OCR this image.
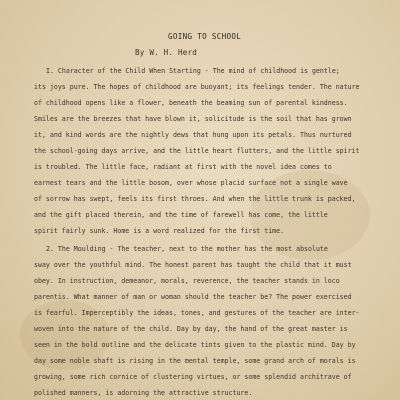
GOING TO SCHOOL
By W. H. Herd
I. Character of the Child When Starting - The mind of childhood is gentle;
its joys pure. The hopes of childhood are buoyant; its feelings tender. The nature
of childhood opens like a flower, beneath the beaming sun of parental kindness.
Smiles are the breezes that have blown it, solicitude is the soil that has grown
it, and kind words are the nightly dews that hung upon its petals. Thus nurtured
the school-going days arrive, and the little heart flutters, and the little spirit
is troubled. The little face, radiant at first with the novel idea comes to
earnest tears and the little bosom, over whose placid surface not a single wave
of sorrow has swept, feels its first throes. And when the little trunk is packed,
and the gift placed therein, and the time of farewell has come, the little
spirit fairly sunk. Home is a word realized for the first time.
2. The Moulding - The teacher, next to the mother has the most absolute
sway over the youthful mind. The honest parent has taught the child that it must
obey. In instruction, demeanor, morals, reverence, the teacher stands in loco
parentis. What manner of man or woman should the teacher be? The power exercised
is fearful. Imperceptibly the ideas, tones, and gestures of the teacher are inter-
woven into the nature of the child. Day by day, the hand of the great master is
seen in the bold outline and the delicate tints given to the plastic mind. Day by
day some noble shaft is rising in the mental temple, some grand arch of morals is
growing, some rich cornice of clustering virtues, or some splendid architrave of
polished manners, is adorning the attractive structure.
